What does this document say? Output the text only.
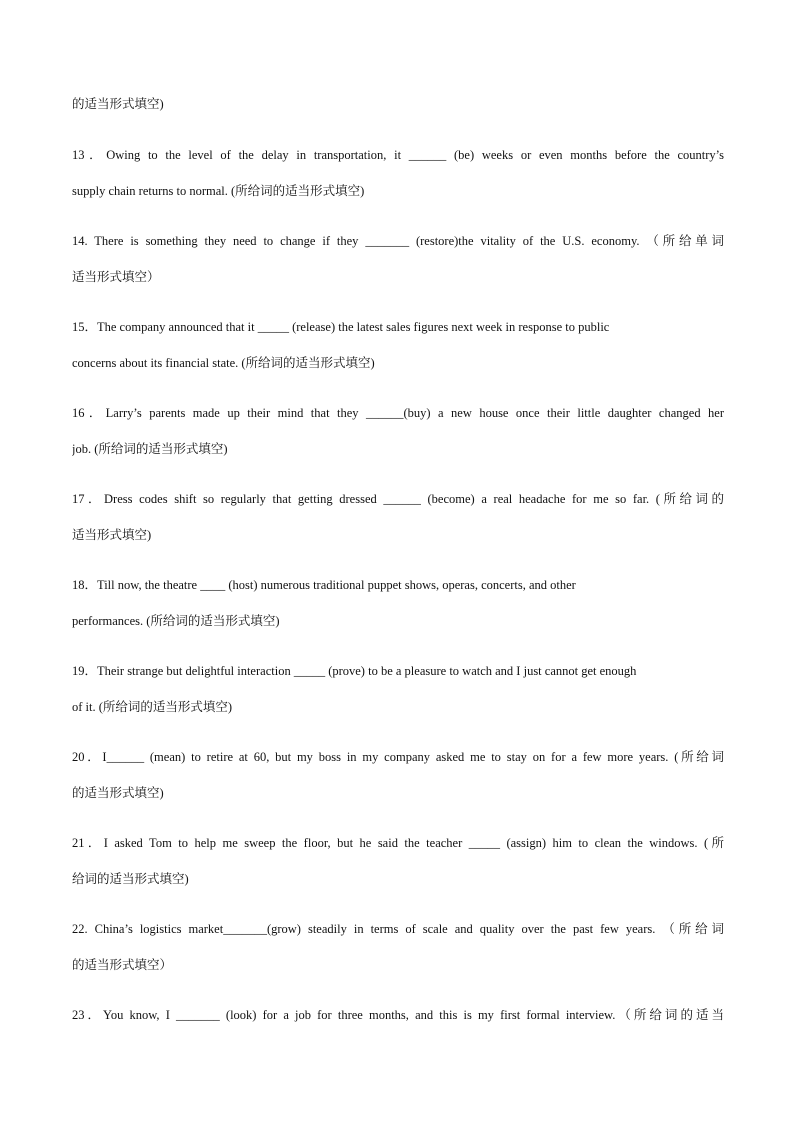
的适当形式填空)
13．Owing to the level of the delay in transportation, it ______ (be) weeks or even months before the country’s
supply chain returns to normal. (所给词的适当形式填空)
14. There is something they need to change if they _______ (restore)the vitality of the U.S. economy. （所给单词
适当形式填空）
15．The company announced that it _____ (release) the latest sales figures next week in response to public
concerns about its financial state. (所给词的适当形式填空)
16．Larry’s parents made up their mind that they ______(buy) a new house once their little daughter changed her
job. (所给词的适当形式填空)
17．Dress codes shift so regularly that getting dressed ______ (become) a real headache for me so far. (所给词的
适当形式填空)
18．Till now, the theatre ____ (host) numerous traditional puppet shows, operas, concerts, and other
performances. (所给词的适当形式填空)
19．Their strange but delightful interaction _____ (prove) to be a pleasure to watch and I just cannot get enough
of it. (所给词的适当形式填空)
20．I______ (mean) to retire at 60, but my boss in my company asked me to stay on for a few more years. (所给词
的适当形式填空)
21．I asked Tom to help me sweep the floor, but he said the teacher _____ (assign) him to clean the windows. (所
给词的适当形式填空)
22. China’s logistics market_______(grow) steadily in terms of scale and quality over the past few years. （所给词
的适当形式填空）
23．You know, I _______ (look) for a job for three months, and this is my first formal interview.（所给词的适当
